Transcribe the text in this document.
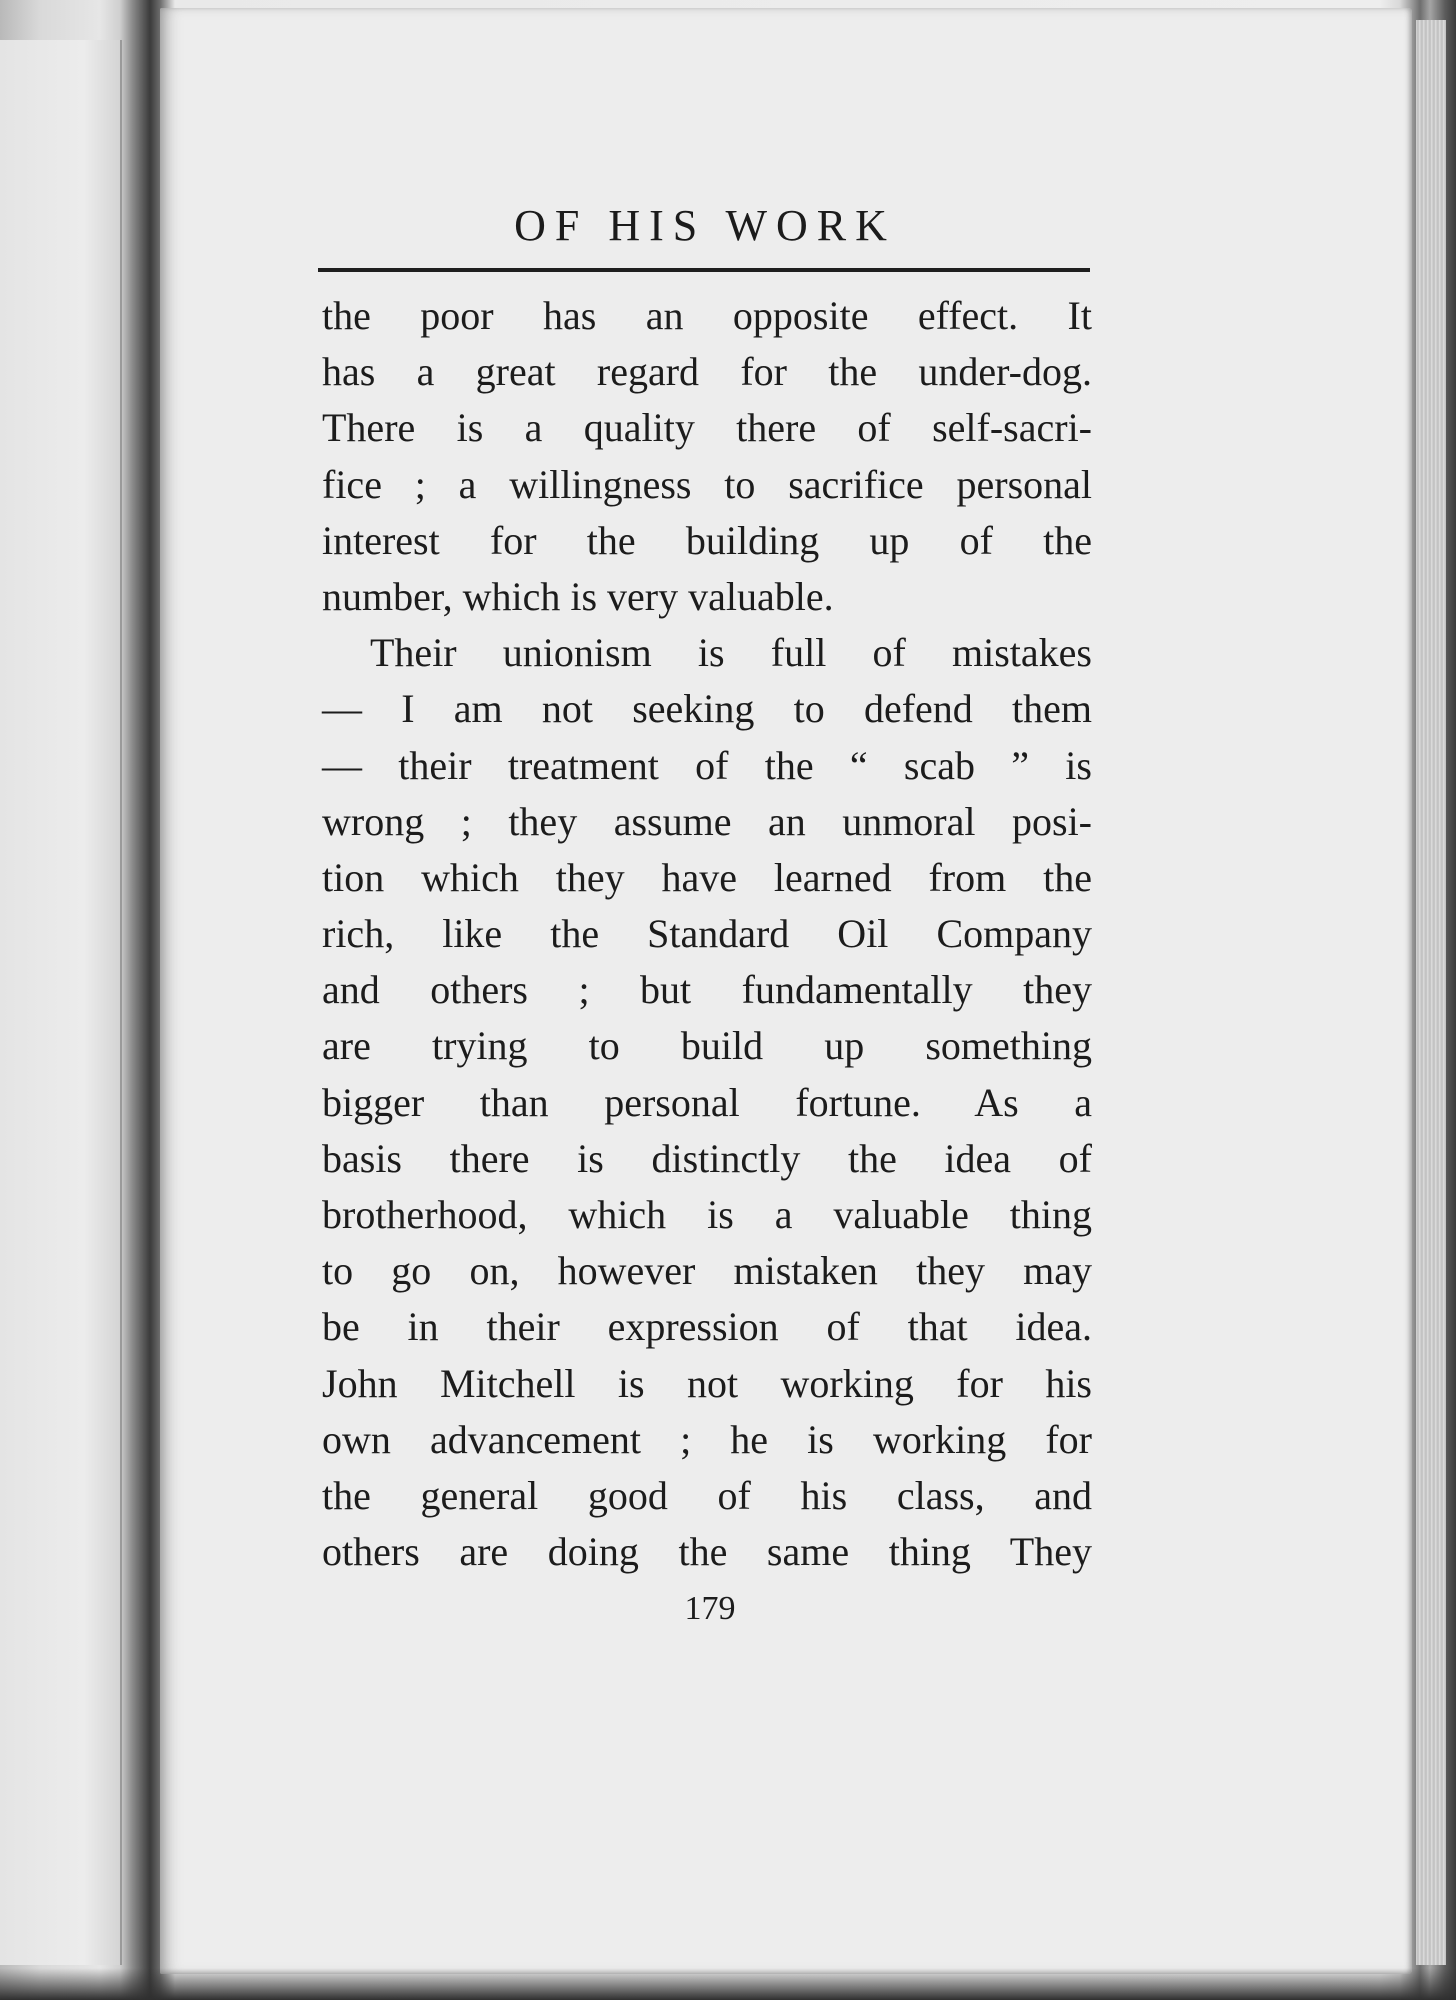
OF HIS WORK
the poor has an opposite effect. It
has a great regard for the under-dog.
There is a quality there of self-sacri-
fice ; a willingness to sacrifice personal
interest for the building up of the
number, which is very valuable.
Their unionism is full of mistakes
— I am not seeking to defend them
— their treatment of the “ scab ” is
wrong ; they assume an unmoral posi-
tion which they have learned from the
rich, like the Standard Oil Company
and others ; but fundamentally they
are trying to build up something
bigger than personal fortune. As a
basis there is distinctly the idea of
brotherhood, which is a valuable thing
to go on, however mistaken they may
be in their expression of that idea.
John Mitchell is not working for his
own advancement ; he is working for
the general good of his class, and
others are doing the same thing They
179
